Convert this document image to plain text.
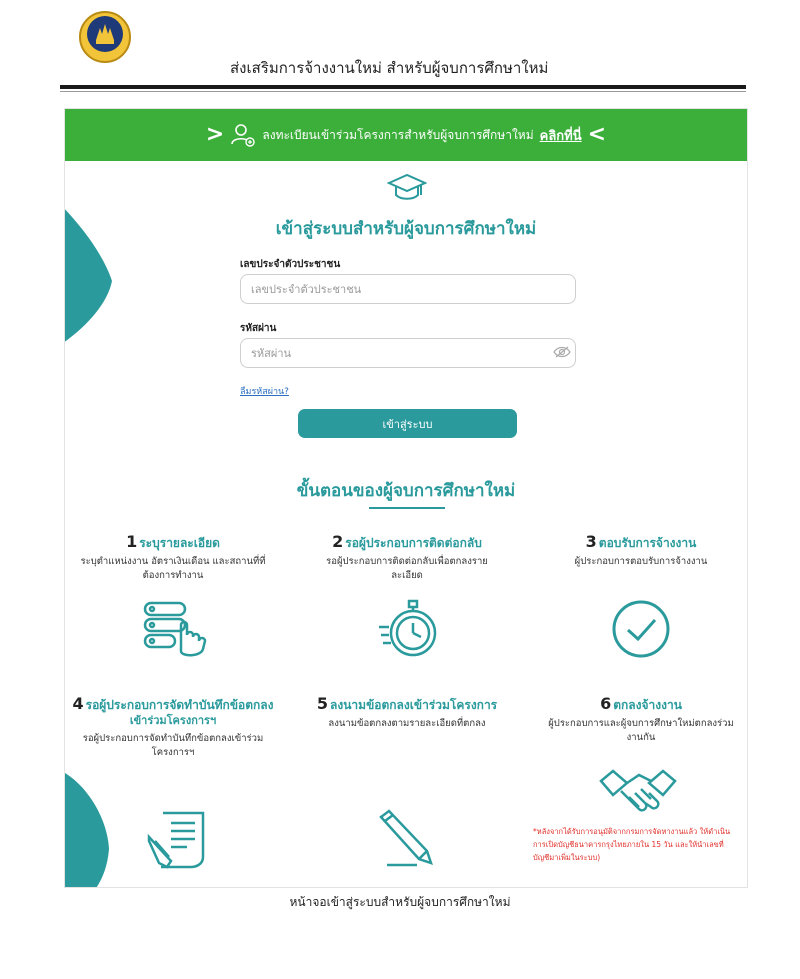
ส่งเสริมการจ้างงานใหม่ สำหรับผู้จบการศึกษาใหม่
>	ลงทะเบียนเข้าร่วมโครงการสำหรับผู้จบการศึกษาใหม่ คลิกที่นี่ <
เข้าสู่ระบบสำหรับผู้จบการศึกษาใหม่
เลขประจำตัวประชาชน
เลขประจำตัวประชาชน
รหัสผ่าน
ลืมรหัสผ่าน?
เข้าสู่ระบบ
ขั้นตอนของผู้จบการศึกษาใหม่
1 ระบุรายละเอียด
ระบุตำแหน่งงาน อัตราเงินเดือน และสถานที่ที่ต้องการทำงาน
2 รอผู้ประกอบการติดต่อกลับ
รอผู้ประกอบการติดต่อกลับเพื่อตกลงรายละเอียด
3 ตอบรับการจ้างงาน
ผู้ประกอบการตอบรับการจ้างงาน
4 รอผู้ประกอบการจัดทำบันทึกข้อตกลง
เข้าร่วมโครงการฯ
รอผู้ประกอบการจัดทำบันทึกข้อตกลงเข้าร่วมโครงการฯ
5 ลงนามข้อตกลงเข้าร่วมโครงการ
ลงนามข้อตกลงตามรายละเอียดที่ตกลง
6 ตกลงจ้างงาน
ผู้ประกอบการและผู้จบการศึกษาใหม่ตกลงร่วมงานกัน
*หลังจากได้รับการอนุมัติจากกรมการจัดหางานแล้ว ให้ดำเนินการเปิดบัญชีธนาคารกรุงไทยภายใน 15 วัน และให้นำเลขที่บัญชีมาเพิ่มในระบบ)
หน้าจอเข้าสู่ระบบสำหรับผู้จบการศึกษาใหม่
